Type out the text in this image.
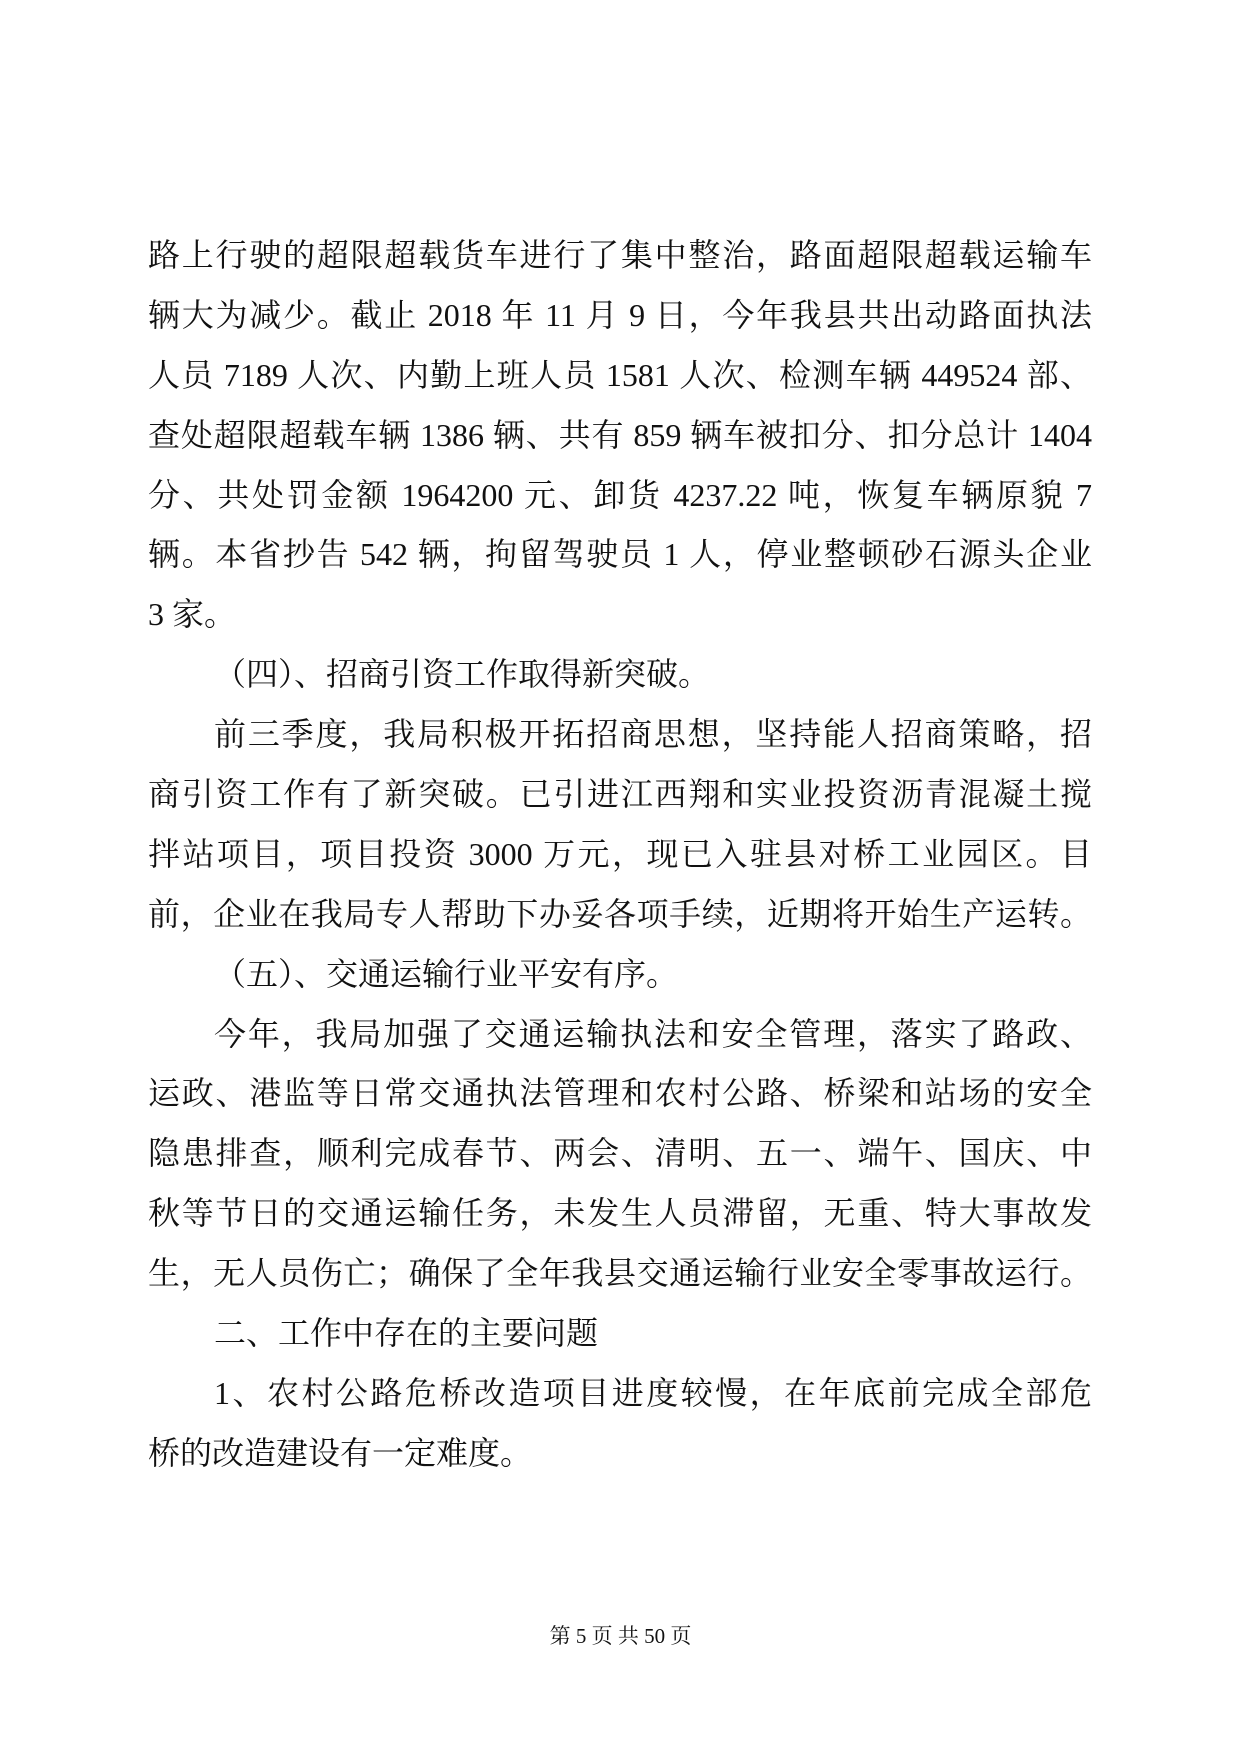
路上行驶的超限超载货车进行了集中整治，路面超限超载运输车
辆大为减少。截止 2018 年 11 月 9 日，今年我县共出动路面执法
人员 7189 人次、内勤上班人员 1581 人次、检测车辆 449524 部、
查处超限超载车辆 1386 辆、共有 859 辆车被扣分、扣分总计 1404
分、共处罚金额 1964200 元、卸货 4237.22 吨，恢复车辆原貌 7
辆。本省抄告 542 辆，拘留驾驶员 1 人，停业整顿砂石源头企业
3 家。
（四）、招商引资工作取得新突破。
前三季度，我局积极开拓招商思想，坚持能人招商策略，招
商引资工作有了新突破。已引进江西翔和实业投资沥青混凝土搅
拌站项目，项目投资 3000 万元，现已入驻县对桥工业园区。目
前，企业在我局专人帮助下办妥各项手续，近期将开始生产运转。
（五）、交通运输行业平安有序。
今年，我局加强了交通运输执法和安全管理，落实了路政、
运政、港监等日常交通执法管理和农村公路、桥梁和站场的安全
隐患排查，顺利完成春节、两会、清明、五一、端午、国庆、中
秋等节日的交通运输任务，未发生人员滞留，无重、特大事故发
生，无人员伤亡；确保了全年我县交通运输行业安全零事故运行。
二、工作中存在的主要问题
1、农村公路危桥改造项目进度较慢，在年底前完成全部危
桥的改造建设有一定难度。
第 5 页 共 50 页
